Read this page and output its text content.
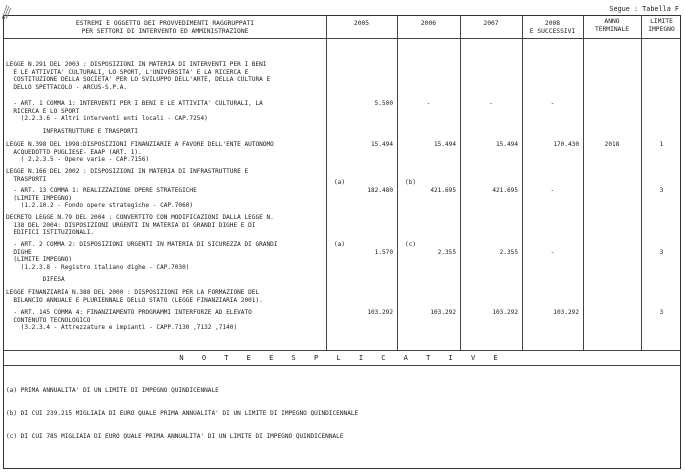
Segue : Tabella F
ESTREMI E OGGETTO DEI PROVVEDIMENTI RAGGRUPPATI
PER SETTORI DI INTERVENTO ED AMMINISTRAZIONE
2005	2006	2007	2008
E SUCCESSIVI
ANNO
TERMINALE
LIMITE
IMPEGNO

LEGGE N.291 DEL 2003 : DISPOSIZIONI IN MATERIA DI INTERVENTI PER I BENI
E LE ATTIVITA' CULTURALI, LO SPORT, L'UNIVERSITA' E LA RICERCA E
COSTITUZIONE DELLA SOCIETA' PER LO SVILUPPO DELL'ARTE, DELLA CULTURA E
DELLO SPETTACOLO - ARCUS-S.P.A.

- ART. 1 COMMA 1: INTERVENTI PER I BENI E LE ATTIVITA' CULTURALI, LA
RICERCA E LO SPORT
(2.2.3.6 - Altri interventi enti locali - CAP.7254)

5.500	-	-	-

INFRASTRUTTURE E TRASPORTI

LEGGE N.398 DEL 1998:DISPOSIZIONI FINANZIARIE A FAVORE DELL'ENTE AUTONOMO
ACQUEDOTTO PUGLIESE- EAAP (ART. 1).
( 2.2.3.5 - Opere varie - CAP.7156)

15.494	15.494	15.494	170.430	2018	1

LEGGE N.166 DEL 2002 : DISPOSIZIONI IN MATERIA DI INFRASTRUTTURE E
TRASPORTI

- ART. 13 COMMA 1: REALIZZAZIONE OPERE STRATEGICHE
(LIMITE IMPEGNO)
(1.2.10.2 - Fondo opere strategiche - CAP.7060)

(a)	(b)
182.480	421.695	421.695	-	3

DECRETO LEGGE N.79 DEL 2004 : CONVERTITO CON MODIFICAZIONI DALLA LEGGE N.
138 DEL 2004: DISPOSIZIONI URGENTI IN MATERIA DI GRANDI DIGHE E DI
EDIFICI ISTITUZIONALI.

- ART. 2 COMMA 2: DISPOSIZIONI URGENTI IN MATERIA DI SICUREZZA DI GRANDI
DIGHE
(LIMITE IMPEGNO)
(1.2.3.8 - Registro italiano dighe - CAP.7030)

(a)	(c)
1.570	2.355	2.355	-	3

DIFESA

LEGGE FINANZIARIA N.388 DEL 2000 : DISPOSIZIONI PER LA FORMAZIONE DEL
BILANCIO ANNUALE E PLURIENNALE DELLO STATO (LEGGE FINANZIARIA 2001).

- ART. 145 COMMA 4: FINANZIAMENTO PROGRAMMI INTERFORZE AD ELEVATO
CONTENUTO TECNOLOGICO
(3.2.3.4 - Attrezzature e impianti - CAPP.7130 ,7132 ,7140)

103.292	103.292	103.292	103.292	3
N O T E E S P L I C A T I V E

(a) PRIMA ANNUALITA' DI UN LIMITE DI IMPEGNO QUINDICENNALE

(b) DI CUI 239.215 MIGLIAIA DI EURO QUALE PRIMA ANNUALITA' DI UN LIMITE DI IMPEGNO QUINDICENNALE

(c) DI CUI 785 MIGLIAIA DI EURO QUALE PRIMA ANNUALITA' DI UN LIMITE DI IMPEGNO QUINDICENNALE
